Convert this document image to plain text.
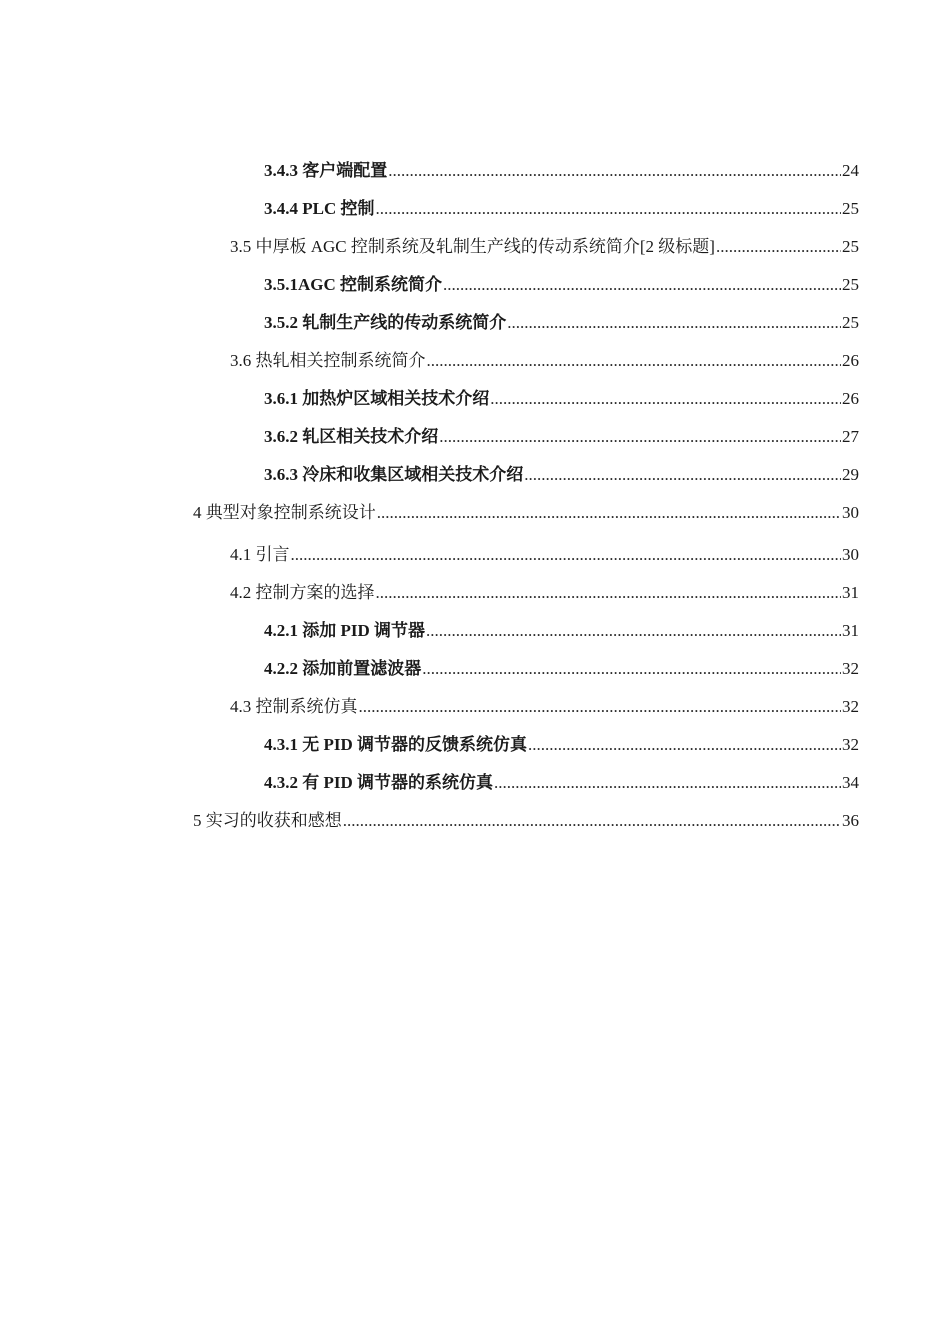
3.4.3 客户端配置 .....	24
3.4.4 PLC 控制 .....	25
3.5 中厚板 AGC 控制系统及轧制生产线的传动系统简介[2 级标题] .....	25
3.5.1AGC 控制系统简介 .....	25
3.5.2 轧制生产线的传动系统简介 .....	25
3.6 热轧相关控制系统简介 .....	26
3.6.1 加热炉区域相关技术介绍 .....	26
3.6.2 轧区相关技术介绍 .....	27
3.6.3 冷床和收集区域相关技术介绍 .....	29
4 典型对象控制系统设计 .....	30
4.1 引言 .....	30
4.2 控制方案的选择 .....	31
4.2.1 添加 PID 调节器 .....	31
4.2.2 添加前置滤波器 .....	32
4.3 控制系统仿真 .....	32
4.3.1 无 PID 调节器的反馈系统仿真 .....	32
4.3.2 有 PID 调节器的系统仿真 .....	34
5 实习的收获和感想 .....	36
